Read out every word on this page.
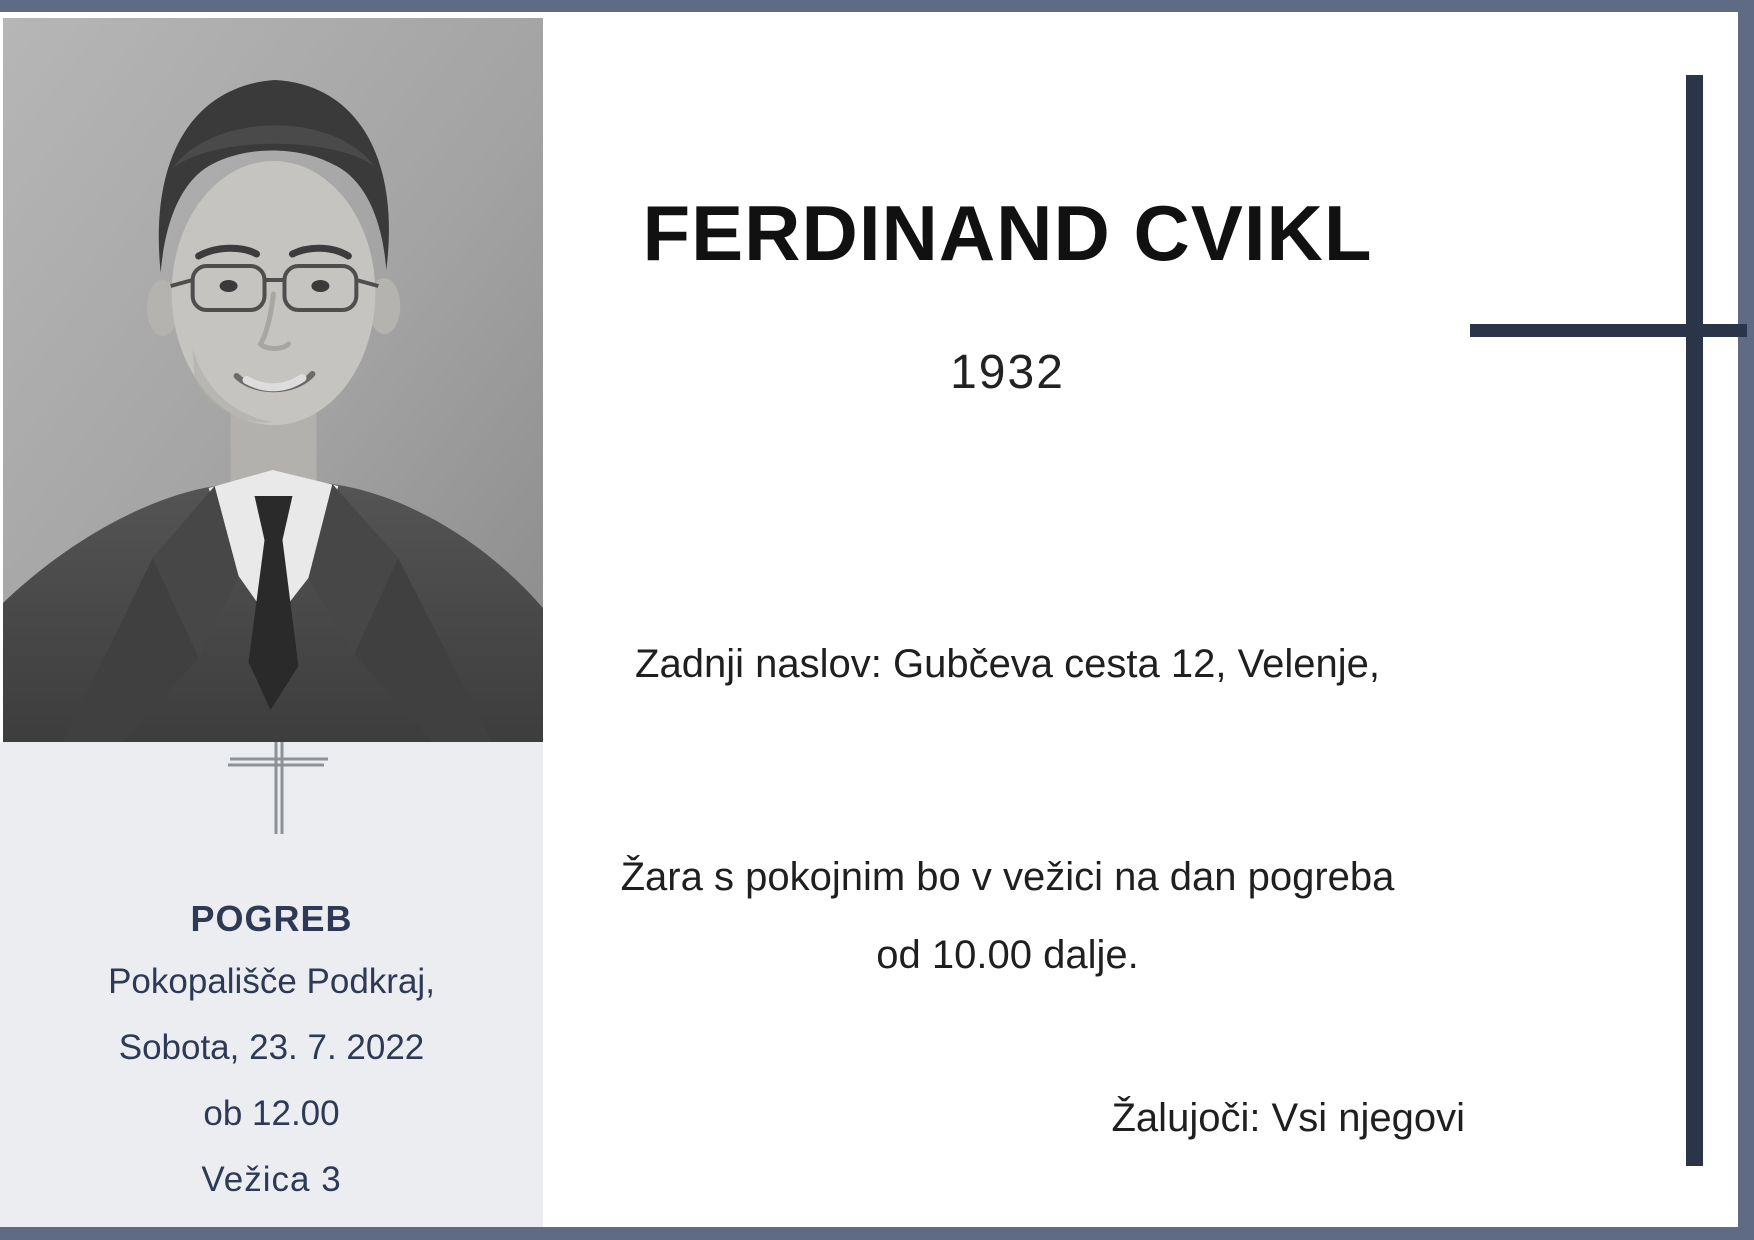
POGREB
Pokopališče Podkraj,
Sobota, 23. 7. 2022
ob 12.00
Vežica 3
FERDINAND CVIKL
1932
Zadnji naslov: Gubčeva cesta 12, Velenje,
Žara s pokojnim bo v vežici na dan pogreba
od 10.00 dalje.
Žalujoči: Vsi njegovi
